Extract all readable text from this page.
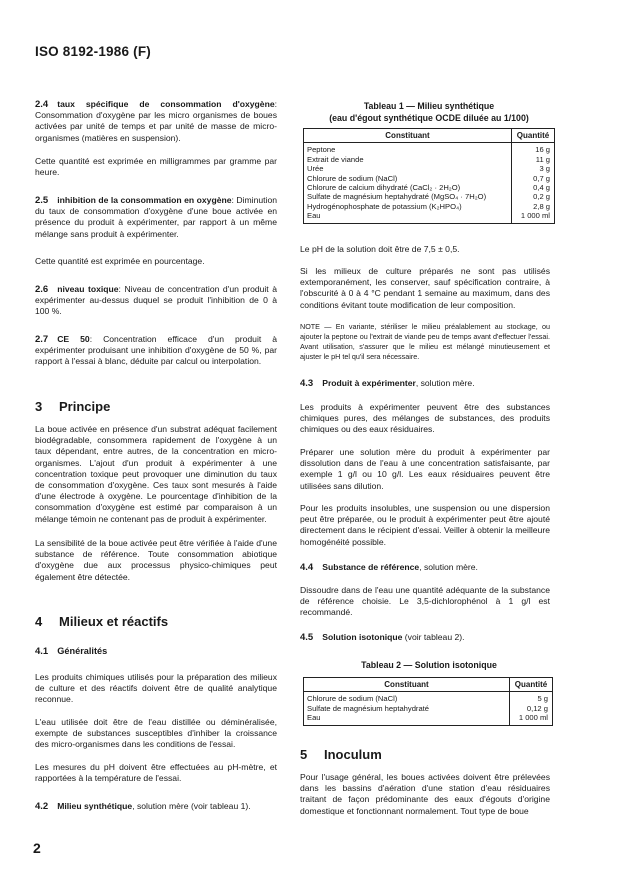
ISO 8192-1986 (F)
2.4 taux spécifique de consommation d'oxygène: Consommation d'oxygène par les micro organismes de boues activées par unité de temps et par unité de masse de micro-organismes (matières en suspension).
Cette quantité est exprimée en milligrammes par gramme par heure.
2.5 inhibition de la consommation en oxygène: Diminution du taux de consommation d'oxygène d'une boue activée en présence du produit à expérimenter, par rapport à un même mélange sans produit à expérimenter.
Cette quantité est exprimée en pourcentage.
2.6 niveau toxique: Niveau de concentration d'un produit à expérimenter au-dessus duquel se produit l'inhibition de 0 à 100 %.
2.7 CE 50: Concentration efficace d'un produit à expérimenter produisant une inhibition d'oxygène de 50 %, par rapport à l'essai à blanc, déduite par calcul ou interpolation.
3 Principe
La boue activée en présence d'un substrat adéquat facilement biodégradable, consommera rapidement de l'oxygène à un taux dépendant, entre autres, de la concentration en micro-organismes. L'ajout d'un produit à expérimenter à une concentration toxique peut provoquer une diminution du taux de consommation d'oxygène. Ces taux sont mesurés à l'aide d'une électrode à oxygène. Le pourcentage d'inhibition de la consommation d'oxygène est estimé par comparaison à un mélange témoin ne contenant pas de produit à expérimenter.
La sensibilité de la boue activée peut être vérifiée à l'aide d'une substance de référence. Toute consommation abiotique d'oxygène due aux processus physico-chimiques peut également être détectée.
4 Milieux et réactifs
4.1 Généralités
Les produits chimiques utilisés pour la préparation des milieux de culture et des réactifs doivent être de qualité analytique reconnue.
L'eau utilisée doit être de l'eau distillée ou déminéralisée, exempte de substances susceptibles d'inhiber la croissance des micro-organismes dans les conditions de l'essai.
Les mesures du pH doivent être effectuées au pH-mètre, et rapportées à la température de l'essai.
4.2 Milieu synthétique, solution mère (voir tableau 1).
2
Tableau 1 — Milieu synthétique
(eau d'égout synthétique OCDE diluée au 1/100)
Constituant	Quantité
Peptone	16 g
Extrait de viande	11 g
Urée	3 g
Chlorure de sodium (NaCl)	0,7 g
Chlorure de calcium dihydraté (CaCl₂ · 2H₂O)	0,4 g
Sulfate de magnésium heptahydraté (MgSO₄ · 7H₂O)	0,2 g
Hydrogénophosphate de potassium (K₂HPO₄)	2,8 g
Eau	1 000 ml
Le pH de la solution doit être de 7,5 ± 0,5.
Si les milieux de culture préparés ne sont pas utilisés extemporanément, les conserver, sauf spécification contraire, à l'obscurité à 0 à 4 °C pendant 1 semaine au maximum, dans des conditions évitant toute modification de leur composition.
NOTE — En variante, stériliser le milieu préalablement au stockage, ou ajouter la peptone ou l'extrait de viande peu de temps avant d'effectuer l'essai. Avant utilisation, s'assurer que le milieu est mélangé minutieusement et ajuster le pH tel qu'il sera nécessaire.
4.3 Produit à expérimenter, solution mère.
Les produits à expérimenter peuvent être des substances chimiques pures, des mélanges de substances, des produits chimiques ou des eaux résiduaires.
Préparer une solution mère du produit à expérimenter par dissolution dans de l'eau à une concentration satisfaisante, par exemple 1 g/l ou 10 g/l. Les eaux résiduaires peuvent être utilisées sans dilution.
Pour les produits insolubles, une suspension ou une dispersion peut être préparée, ou le produit à expérimenter peut être ajouté directement dans le récipient d'essai. Veiller à obtenir la meilleure homogénéité possible.
4.4 Substance de référence, solution mère.
Dissoudre dans de l'eau une quantité adéquante de la substance de référence choisie. Le 3,5-dichlorophénol à 1 g/l est recommandé.
4.5 Solution isotonique (voir tableau 2).
Tableau 2 — Solution isotonique
Constituant	Quantité
Chlorure de sodium (NaCl)	5 g
Sulfate de magnésium heptahydraté	0,12 g
Eau	1 000 ml
5 Inoculum
Pour l'usage général, les boues activées doivent être prélevées dans les bassins d'aération d'une station d'eau résiduaires traitant de façon prédominante des eaux d'égouts d'origine domestique et fonctionnant normalement. Tout type de boue
